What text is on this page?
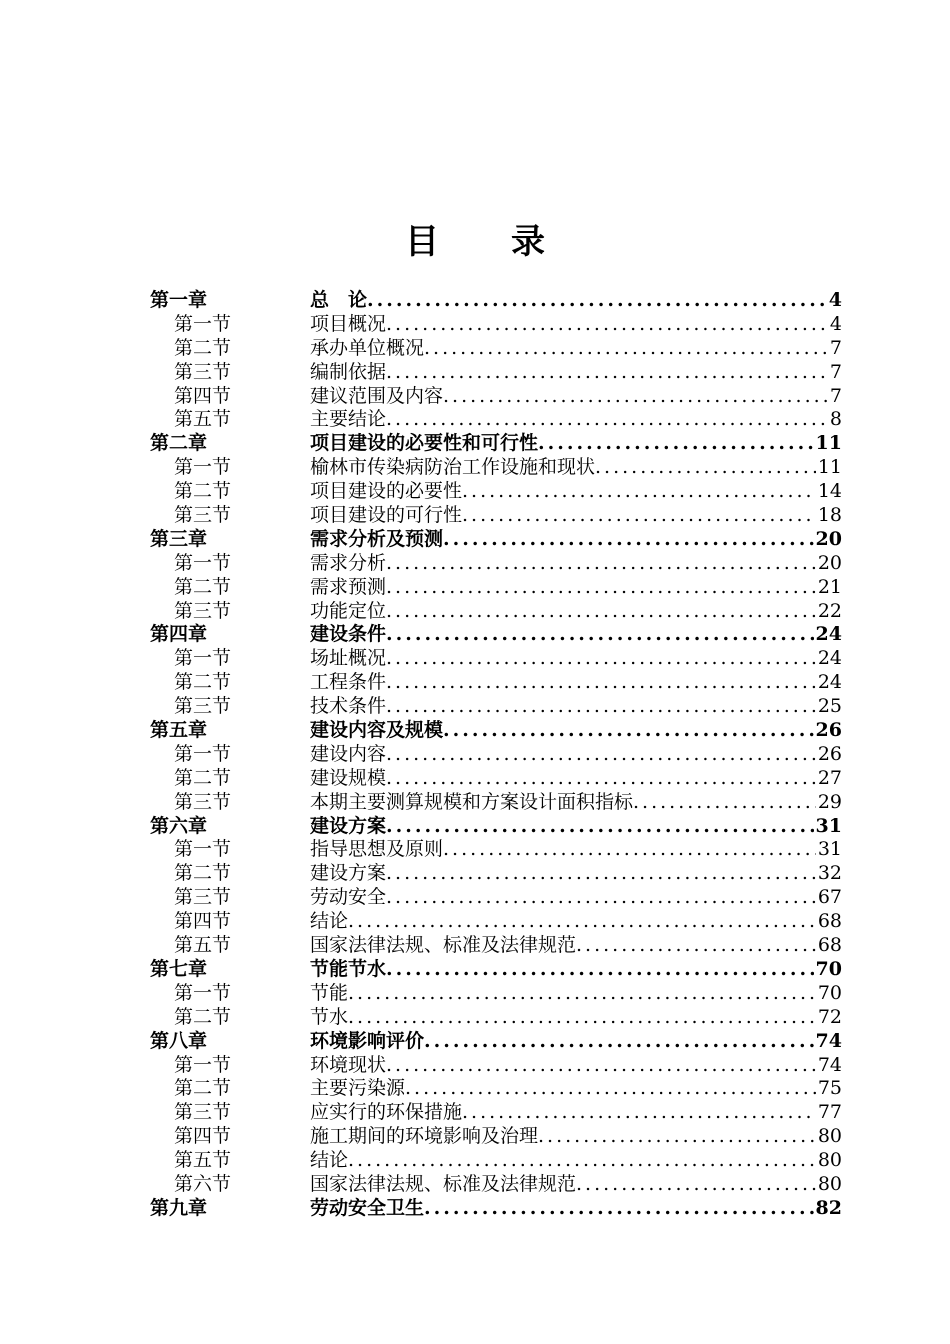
目 录
第一章	总　论 .....	4
第一节	项目概况 .....	4
第二节	承办单位概况 .....	7
第三节	编制依据 .....	7
第四节	建议范围及内容 .....	7
第五节	主要结论 .....	8
第二章	项目建设的必要性和可行性 .....	11
第一节	榆林市传染病防治工作设施和现状 .....	11
第二节	项目建设的必要性 .....	14
第三节	项目建设的可行性 .....	18
第三章	需求分析及预测 .....	20
第一节	需求分析 .....	20
第二节	需求预测 .....	21
第三节	功能定位 .....	22
第四章	建设条件 .....	24
第一节	场址概况 .....	24
第二节	工程条件 .....	24
第三节	技术条件 .....	25
第五章	建设内容及规模 .....	26
第一节	建设内容 .....	26
第二节	建设规模 .....	27
第三节	本期主要测算规模和方案设计面积指标 .....	29
第六章	建设方案 .....	31
第一节	指导思想及原则 .....	31
第二节	建设方案 .....	32
第三节	劳动安全 .....	67
第四节	结论 .....	68
第五节	国家法律法规、标准及法律规范 .....	68
第七章	节能节水 .....	70
第一节	节能 .....	70
第二节	节水 .....	72
第八章	环境影响评价 .....	74
第一节	环境现状 .....	74
第二节	主要污染源 .....	75
第三节	应实行的环保措施 .....	77
第四节	施工期间的环境影响及治理 .....	80
第五节	结论 .....	80
第六节	国家法律法规、标准及法律规范 .....	80
第九章	劳动安全卫生 .....	82
